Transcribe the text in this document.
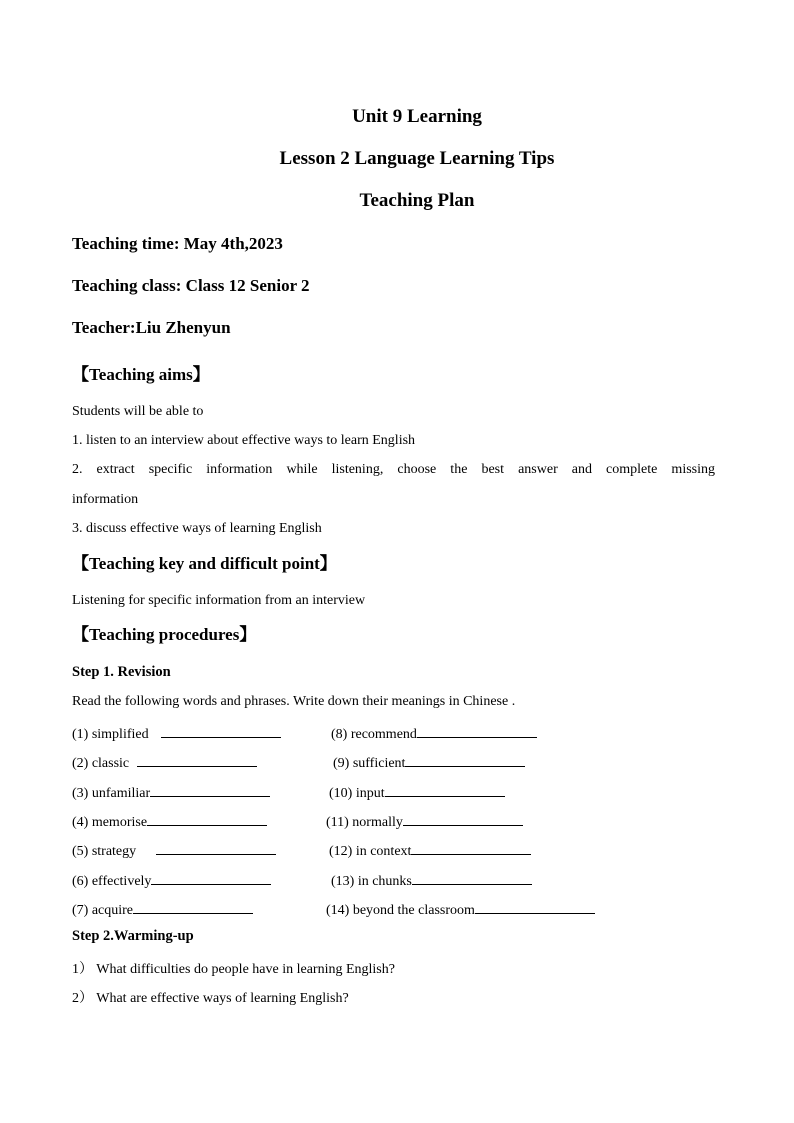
Unit 9 Learning
Lesson 2 Language Learning Tips
Teaching Plan
Teaching time: May 4th,2023
Teaching class: Class 12 Senior 2
Teacher:Liu Zhenyun
【Teaching aims】
Students will be able to
1. listen to an interview about effective ways to learn English
2. extract specific information while listening, choose the best answer and complete missing
information
3. discuss effective ways of learning English
【Teaching key and difficult point】
Listening for specific information from an interview
【Teaching procedures】
Step 1. Revision
Read the following words and phrases. Write down their meanings in Chinese .
(1) simplified
(2) classic
(3) unfamiliar
(4) memorise
(5) strategy
(6) effectively
(7) acquire
(8) recommend
(9) sufficient
(10) input
(11) normally
(12) in context
(13) in chunks
(14) beyond the classroom
Step 2.Warming-up
1） What difficulties do people have in learning English?
2） What are effective ways of learning English?
